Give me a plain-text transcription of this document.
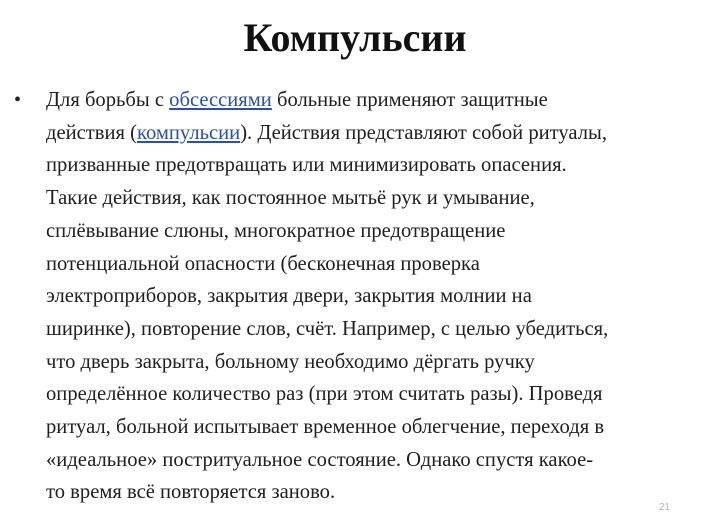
Компульсии
• Для борьбы с обсессиями больные применяют защитные
действия (компульсии). Действия представляют собой ритуалы,
призванные предотвращать или минимизировать опасения.
Такие действия, как постоянное мытьё рук и умывание,
сплёвывание слюны, многократное предотвращение
потенциальной опасности (бесконечная проверка
электроприборов, закрытия двери, закрытия молнии на
ширинке), повторение слов, счёт. Например, с целью убедиться,
что дверь закрыта, больному необходимо дёргать ручку
определённое количество раз (при этом считать разы). Проведя
ритуал, больной испытывает временное облегчение, переходя в
«идеальное» постритуальное состояние. Однако спустя какое-
то время всё повторяется заново.
21
